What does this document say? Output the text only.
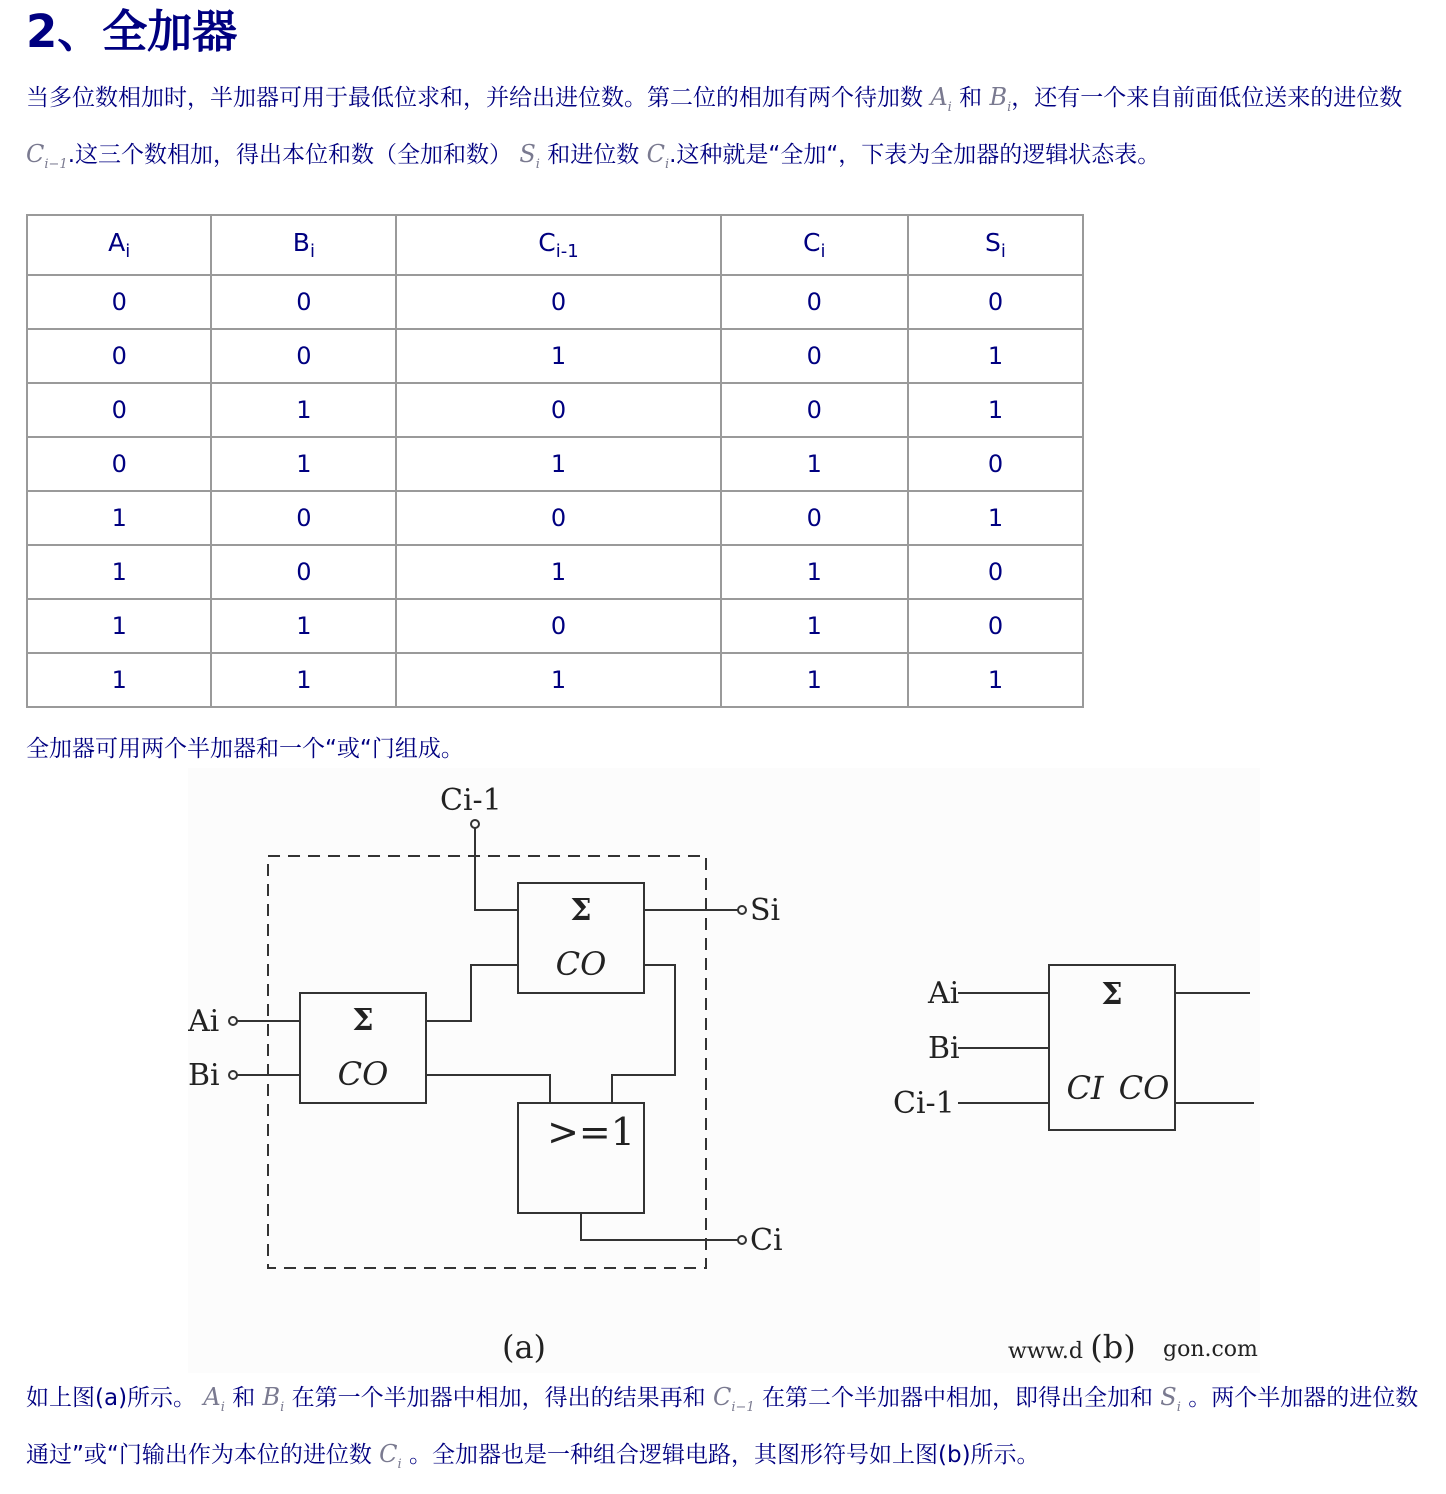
2、全加器
当多位数相加时，半加器可用于最低位求和，并给出进位数。第二位的相加有两个待加数 $A_i$ 和 $B_i$，还有一个来自前面低位送来的进位数 $C_{i-1}$.这三个数相加，得出本位和数（全加和数） $S_i$ 和进位数 $C_i$.这种就是“全加“，下表为全加器的逻辑状态表。
$A_i$	$B_i$	$C_{i-1}$	$C_i$	$S_i$
0	0	0	0	0
0	0	1	0	1
0	1	0	0	1
0	1	1	1	0
1	0	0	0	1
1	0	1	1	0
1	1	0	1	0
1	1	1	1	1
全加器可用两个半加器和一个“或“门组成。
Ci-1
Si
Ai
Bi
Ci
Σ
CO
Σ
CO
>=1
Ai
Bi
Ci-1
Σ
CI CO
(a)	(b)
www.d	gon.com
如上图(a)所示。 $A_i$ 和 $B_i$ 在第一个半加器中相加，得出的结果再和 $C_{i-1}$ 在第二个半加器中相加，即得出全加和 $S_i$ 。两个半加器的进位数通过”或“门输出作为本位的进位数 $C_i$ 。全加器也是一种组合逻辑电路，其图形符号如上图(b)所示。
